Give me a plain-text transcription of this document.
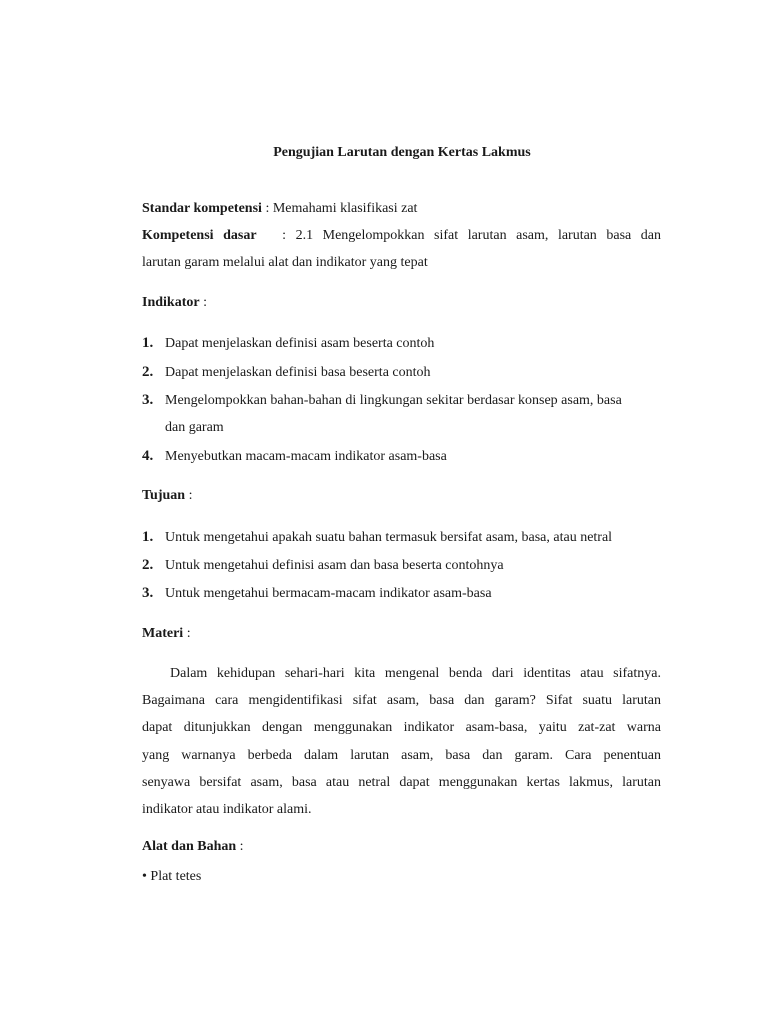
Pengujian Larutan dengan Kertas Lakmus
Standar kompetensi : Memahami klasifikasi zat
Kompetensi dasar : 2.1 Mengelompokkan sifat larutan asam, larutan basa dan
larutan garam melalui alat dan indikator yang tepat
Indikator :
1. Dapat menjelaskan definisi asam beserta contoh
2. Dapat menjelaskan definisi basa beserta contoh
3. Mengelompokkan bahan-bahan di lingkungan sekitar berdasar konsep asam, basa
dan garam
4. Menyebutkan macam-macam indikator asam-basa
Tujuan :
1. Untuk mengetahui apakah suatu bahan termasuk bersifat asam, basa, atau netral
2. Untuk mengetahui definisi asam dan basa beserta contohnya
3. Untuk mengetahui bermacam-macam indikator asam-basa
Materi :

Dalam kehidupan sehari-hari kita mengenal benda dari identitas atau sifatnya.

Bagaimana cara mengidentifikasi sifat asam, basa dan garam? Sifat suatu larutan

dapat ditunjukkan dengan menggunakan indikator asam-basa, yaitu zat-zat warna

yang warnanya berbeda dalam larutan asam, basa dan garam. Cara penentuan

senyawa bersifat asam, basa atau netral dapat menggunakan kertas lakmus, larutan

indikator atau indikator alami.

Alat dan Bahan :
• Plat tetes
